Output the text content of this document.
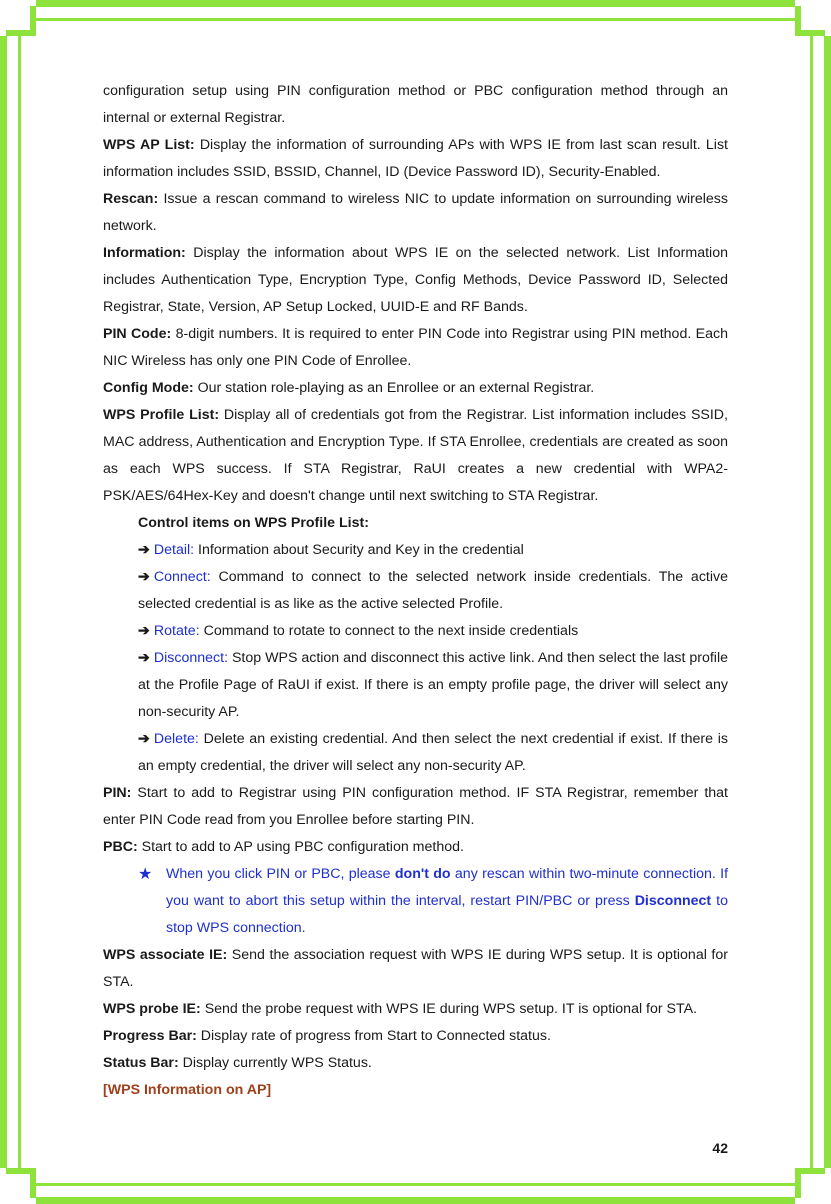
configuration setup using PIN configuration method or PBC configuration method through an internal or external Registrar.

WPS AP List: Display the information of surrounding APs with WPS IE from last scan result. List information includes SSID, BSSID, Channel, ID (Device Password ID), Security-Enabled.

Rescan: Issue a rescan command to wireless NIC to update information on surrounding wireless network.

Information: Display the information about WPS IE on the selected network. List Information includes Authentication Type, Encryption Type, Config Methods, Device Password ID, Selected Registrar, State, Version, AP Setup Locked, UUID-E and RF Bands.

PIN Code: 8-digit numbers. It is required to enter PIN Code into Registrar using PIN method. Each NIC Wireless has only one PIN Code of Enrollee.

Config Mode: Our station role-playing as an Enrollee or an external Registrar.

WPS Profile List: Display all of credentials got from the Registrar. List information includes SSID, MAC address, Authentication and Encryption Type. If STA Enrollee, credentials are created as soon as each WPS success. If STA Registrar, RaUI creates a new credential with WPA2-PSK/AES/64Hex-Key and doesn't change until next switching to STA Registrar.

Control items on WPS Profile List:

➔ Detail: Information about Security and Key in the credential

➔ Connect: Command to connect to the selected network inside credentials. The active selected credential is as like as the active selected Profile.

➔ Rotate: Command to rotate to connect to the next inside credentials

➔ Disconnect: Stop WPS action and disconnect this active link. And then select the last profile at the Profile Page of RaUI if exist. If there is an empty profile page, the driver will select any non-security AP.

➔ Delete: Delete an existing credential. And then select the next credential if exist. If there is an empty credential, the driver will select any non-security AP.

PIN: Start to add to Registrar using PIN configuration method. IF STA Registrar, remember that enter PIN Code read from you Enrollee before starting PIN.

PBC: Start to add to AP using PBC configuration method.

★ When you click PIN or PBC, please don't do any rescan within two-minute connection. If you want to abort this setup within the interval, restart PIN/PBC or press Disconnect to stop WPS connection.

WPS associate IE: Send the association request with WPS IE during WPS setup. It is optional for STA.

WPS probe IE: Send the probe request with WPS IE during WPS setup. IT is optional for STA.

Progress Bar: Display rate of progress from Start to Connected status.

Status Bar: Display currently WPS Status.

[WPS Information on AP]

42
